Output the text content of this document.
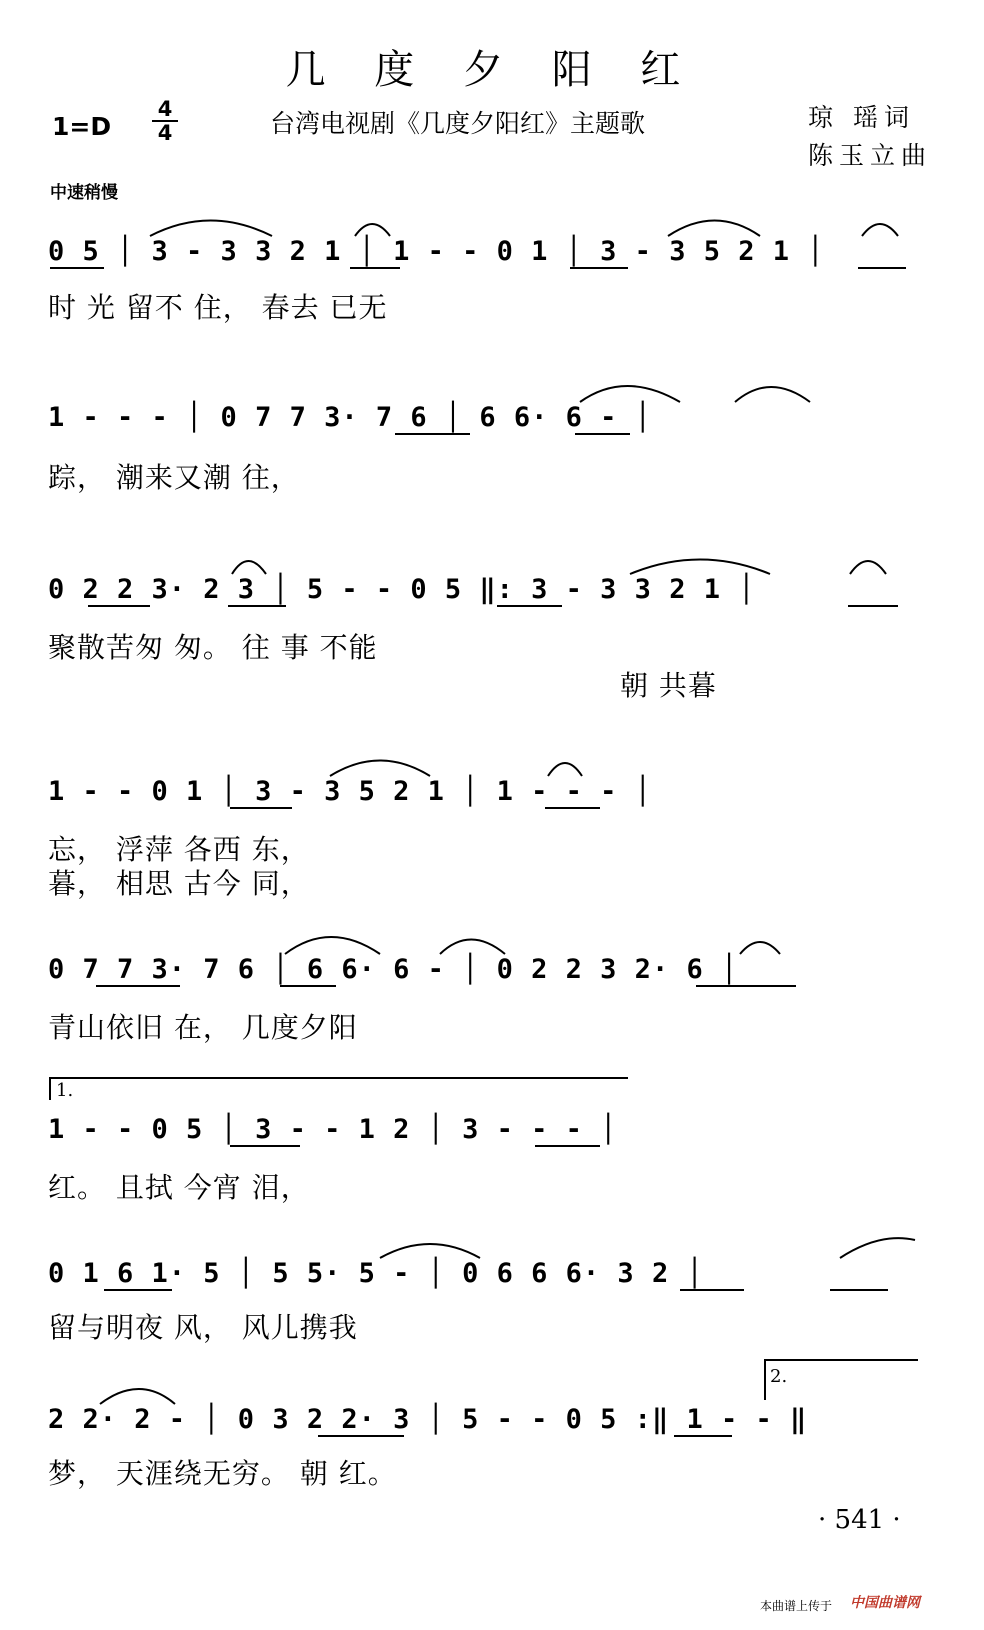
几 度 夕 阳 红
1=D
4
4	台湾电视剧《几度夕阳红》主题歌	琼 瑶词
陈玉立曲
中速稍慢
0 5 │ 3 - 3 3 2 1 │ 1 - - 0 1 │ 3 - 3 5 2 1 │
时 光 留不 住， 春去 已无
1 - - - │ 0 7 7 3· 7 6 │ 6 6· 6 - │
踪， 潮来又潮 往，
0 2 2 3· 2 3 │ 5 - - 0 5 ‖: 3 - 3 3 2 1 │
聚散苦匆 匆。 往 事 不能
朝 共暮
1 - - 0 1 │ 3 - 3 5 2 1 │ 1 - - - │
忘， 浮萍 各西 东，
暮， 相思 古今 同，
0 7 7 3· 7 6 │ 6 6· 6 - │ 0 2 2 3 2· 6 │
青山依旧 在， 几度夕阳
1.
1 - - 0 5 │ 3 - - 1 2 │ 3 - - - │
红。 且拭 今宵 泪，
0 1 6 1· 5 │ 5 5· 5 - │ 0 6 6 6· 3 2 │
留与明夜 风， 风儿携我
2.
2 2· 2 - │ 0 3 2 2· 3 │ 5 - - 0 5 :‖ 1 - - ‖
梦， 天涯绕无穷。 朝 红。
· 541 ·
本曲谱上传于 中国曲谱网
